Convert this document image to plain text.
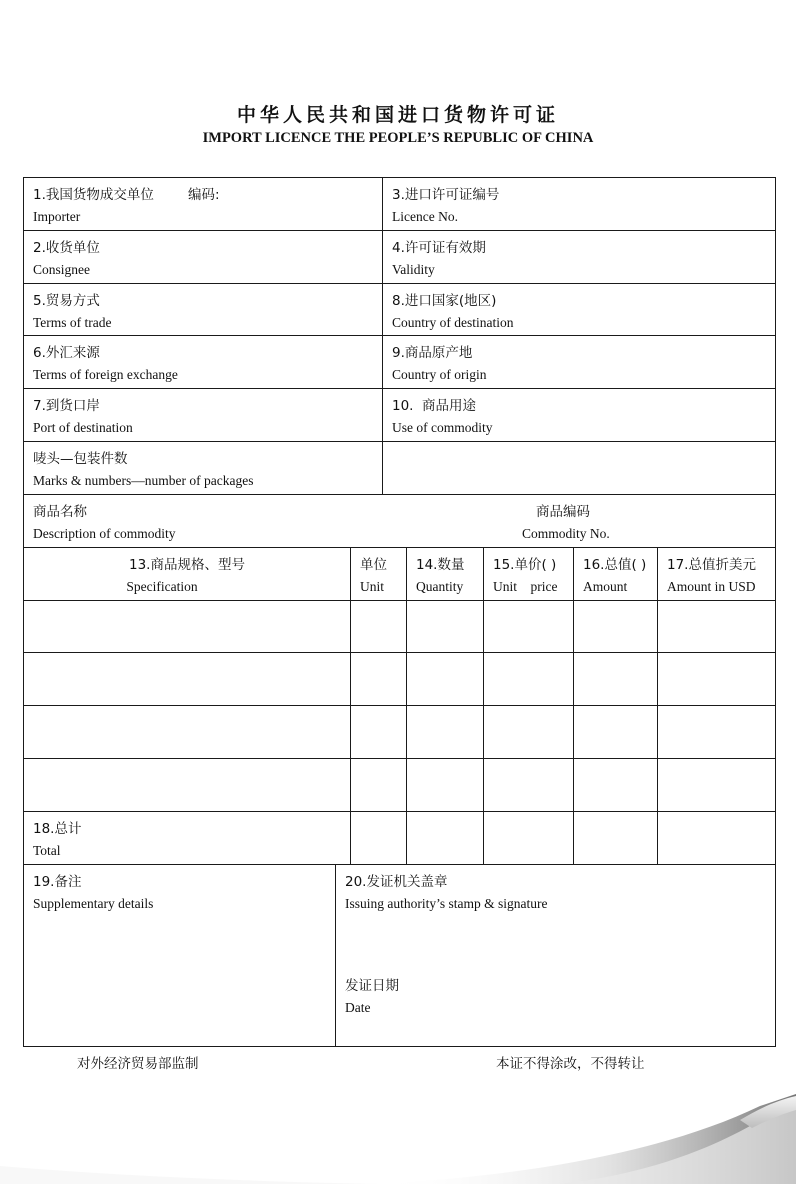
中华人民共和国进口货物许可证
IMPORT LICENCE THE PEOPLE’S REPUBLIC OF CHINA
1.我国货物成交单位	编码:
Importer
3.进口许可证编号
Licence No.
2.收货单位
Consignee
4.许可证有效期
Validity
5.贸易方式
Terms of trade
8.进口国家(地区)
Country of destination
6.外汇来源
Terms of foreign exchange
9.商品原产地
Country of origin
7.到货口岸
Port of destination
10.  商品用途
Use of commodity
唛头—包装件数
Marks & numbers—number of packages
商品名称
Description of commodity
商品编码
Commodity No.
13.商品规格、型号
Specification
单位
Unit
14.数量
Quantity
15.单价( )
Unit    price
16.总值( )
Amount
17.总值折美元
Amount in USD
18.总计
Total
19.备注
Supplementary details
20.发证机关盖章
Issuing authority’s stamp & signature
发证日期
Date
对外经济贸易部监制	本证不得涂改，不得转让
